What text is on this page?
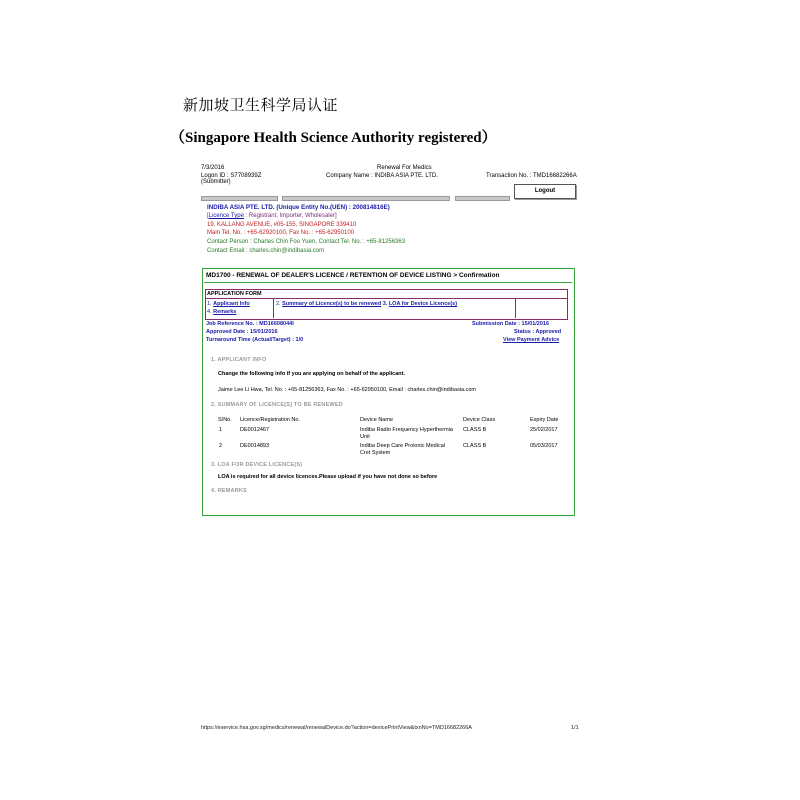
新加坡卫生科学局认证
（Singapore Health Science Authority registered）
7/3/2016	Renewal For Medics
Logon ID : S7708939Z
(Submitter)
Company Name : INDIBA ASIA PTE. LTD.	Transaction No. : TMD16682266A
Logout
INDIBA ASIA PTE. LTD. (Unique Entity No.(UEN) : 200814816E)
[Licence Type : Registrant, Importer, Wholesaler]
19, KALLANG AVENUE, #05-155, SINGAPORE 339410
Main Tel. No. : +65-62920100, Fax No. : +65-62950100
Contact Person : Charles Chin Foo Yuen, Contact Tel. No. : +65-81256363
Contact Email : charles.chin@indibasia.com
MD1700 - RENEWAL OF DEALER'S LICENCE / RETENTION OF DEVICE LISTING > Confirmation
APPLICATION FORM
1. Applicant Info	2. Summary of Licence(s) to be renewed 3. LOA for Device Licence(s)
4. Remarks
Job Reference No. : MD16608044I
Approved Date : 15/01/2016
Turnaround Time (Actual/Target) : 1/0
Submission Date : 15/01/2016
Status : Approved
View Payment Advice
1. APPLICANT INFO
Change the following info if you are applying on behalf of the applicant.
Jaime Lee Li Hwa, Tel. No. : +65-81256363, Fax No. : +65-62950100, Email : charles.chin@indibasia.com
2. SUMMARY OF LICENCE[S] TO BE RENEWED
S/No. Licence/Registration No.	Device Name	Device Class	Expiry Date
1	DE0012467	Indiba Radio Frequency Hyperthermia
Unit
CLASS B	25/02/2017
2	DE0014893	Indiba Deep Care Proionic Medical
Cret System
CLASS B	05/03/2017
3. LOA FOR DEVICE LICENCE(S)
LOA is required for all device licences.Please upload if you have not done so before
4. REMARKS
https://eservice.hsa.gov.sg/medics/renewal/renewalDevice.do?action=devicePrintView&txnNo=TMD16682266A	1/1
